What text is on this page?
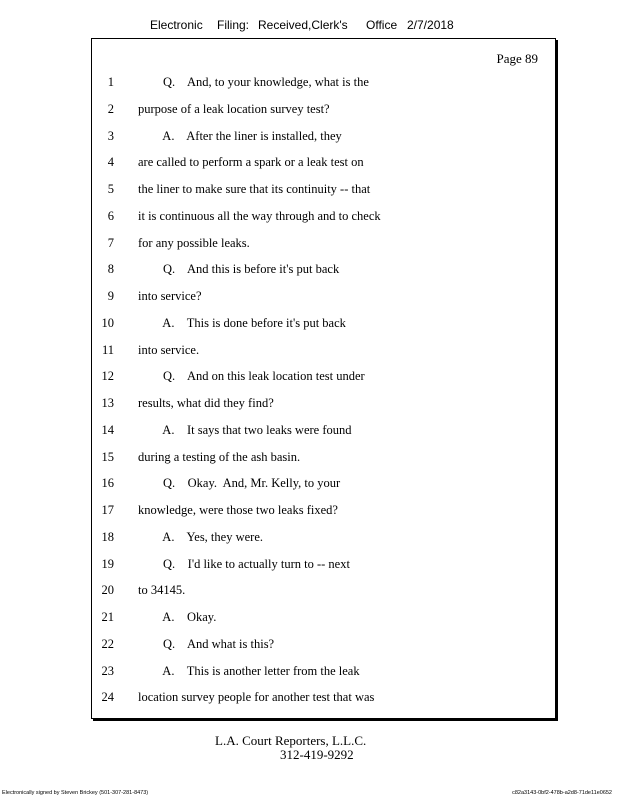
Electronic Filing: Received,Clerk's Office 2/7/2018
Page 89
1 Q.    And, to your knowledge, what is the
2 purpose of a leak location survey test?
3 A.    After the liner is installed, they
4 are called to perform a spark or a leak test on
5 the liner to make sure that its continuity -- that
6 it is continuous all the way through and to check
7 for any possible leaks.
8 Q.    And this is before it's put back
9 into service?
10 A.    This is done before it's put back
11 into service.
12 Q.    And on this leak location test under
13 results, what did they find?
14 A.    It says that two leaks were found
15 during a testing of the ash basin.
16 Q.    Okay.  And, Mr. Kelly, to your
17 knowledge, were those two leaks fixed?
18 A.    Yes, they were.
19 Q.    I'd like to actually turn to -- next
20 to 34145.
21 A.    Okay.
22 Q.    And what is this?
23 A.    This is another letter from the leak
24 location survey people for another test that was
L.A. Court Reporters, L.L.C.
312-419-9292
Electronically signed by Steven Brickey (501-307-281-8473)	c82a3143-0bf2-478b-a2d8-71de11e0652
